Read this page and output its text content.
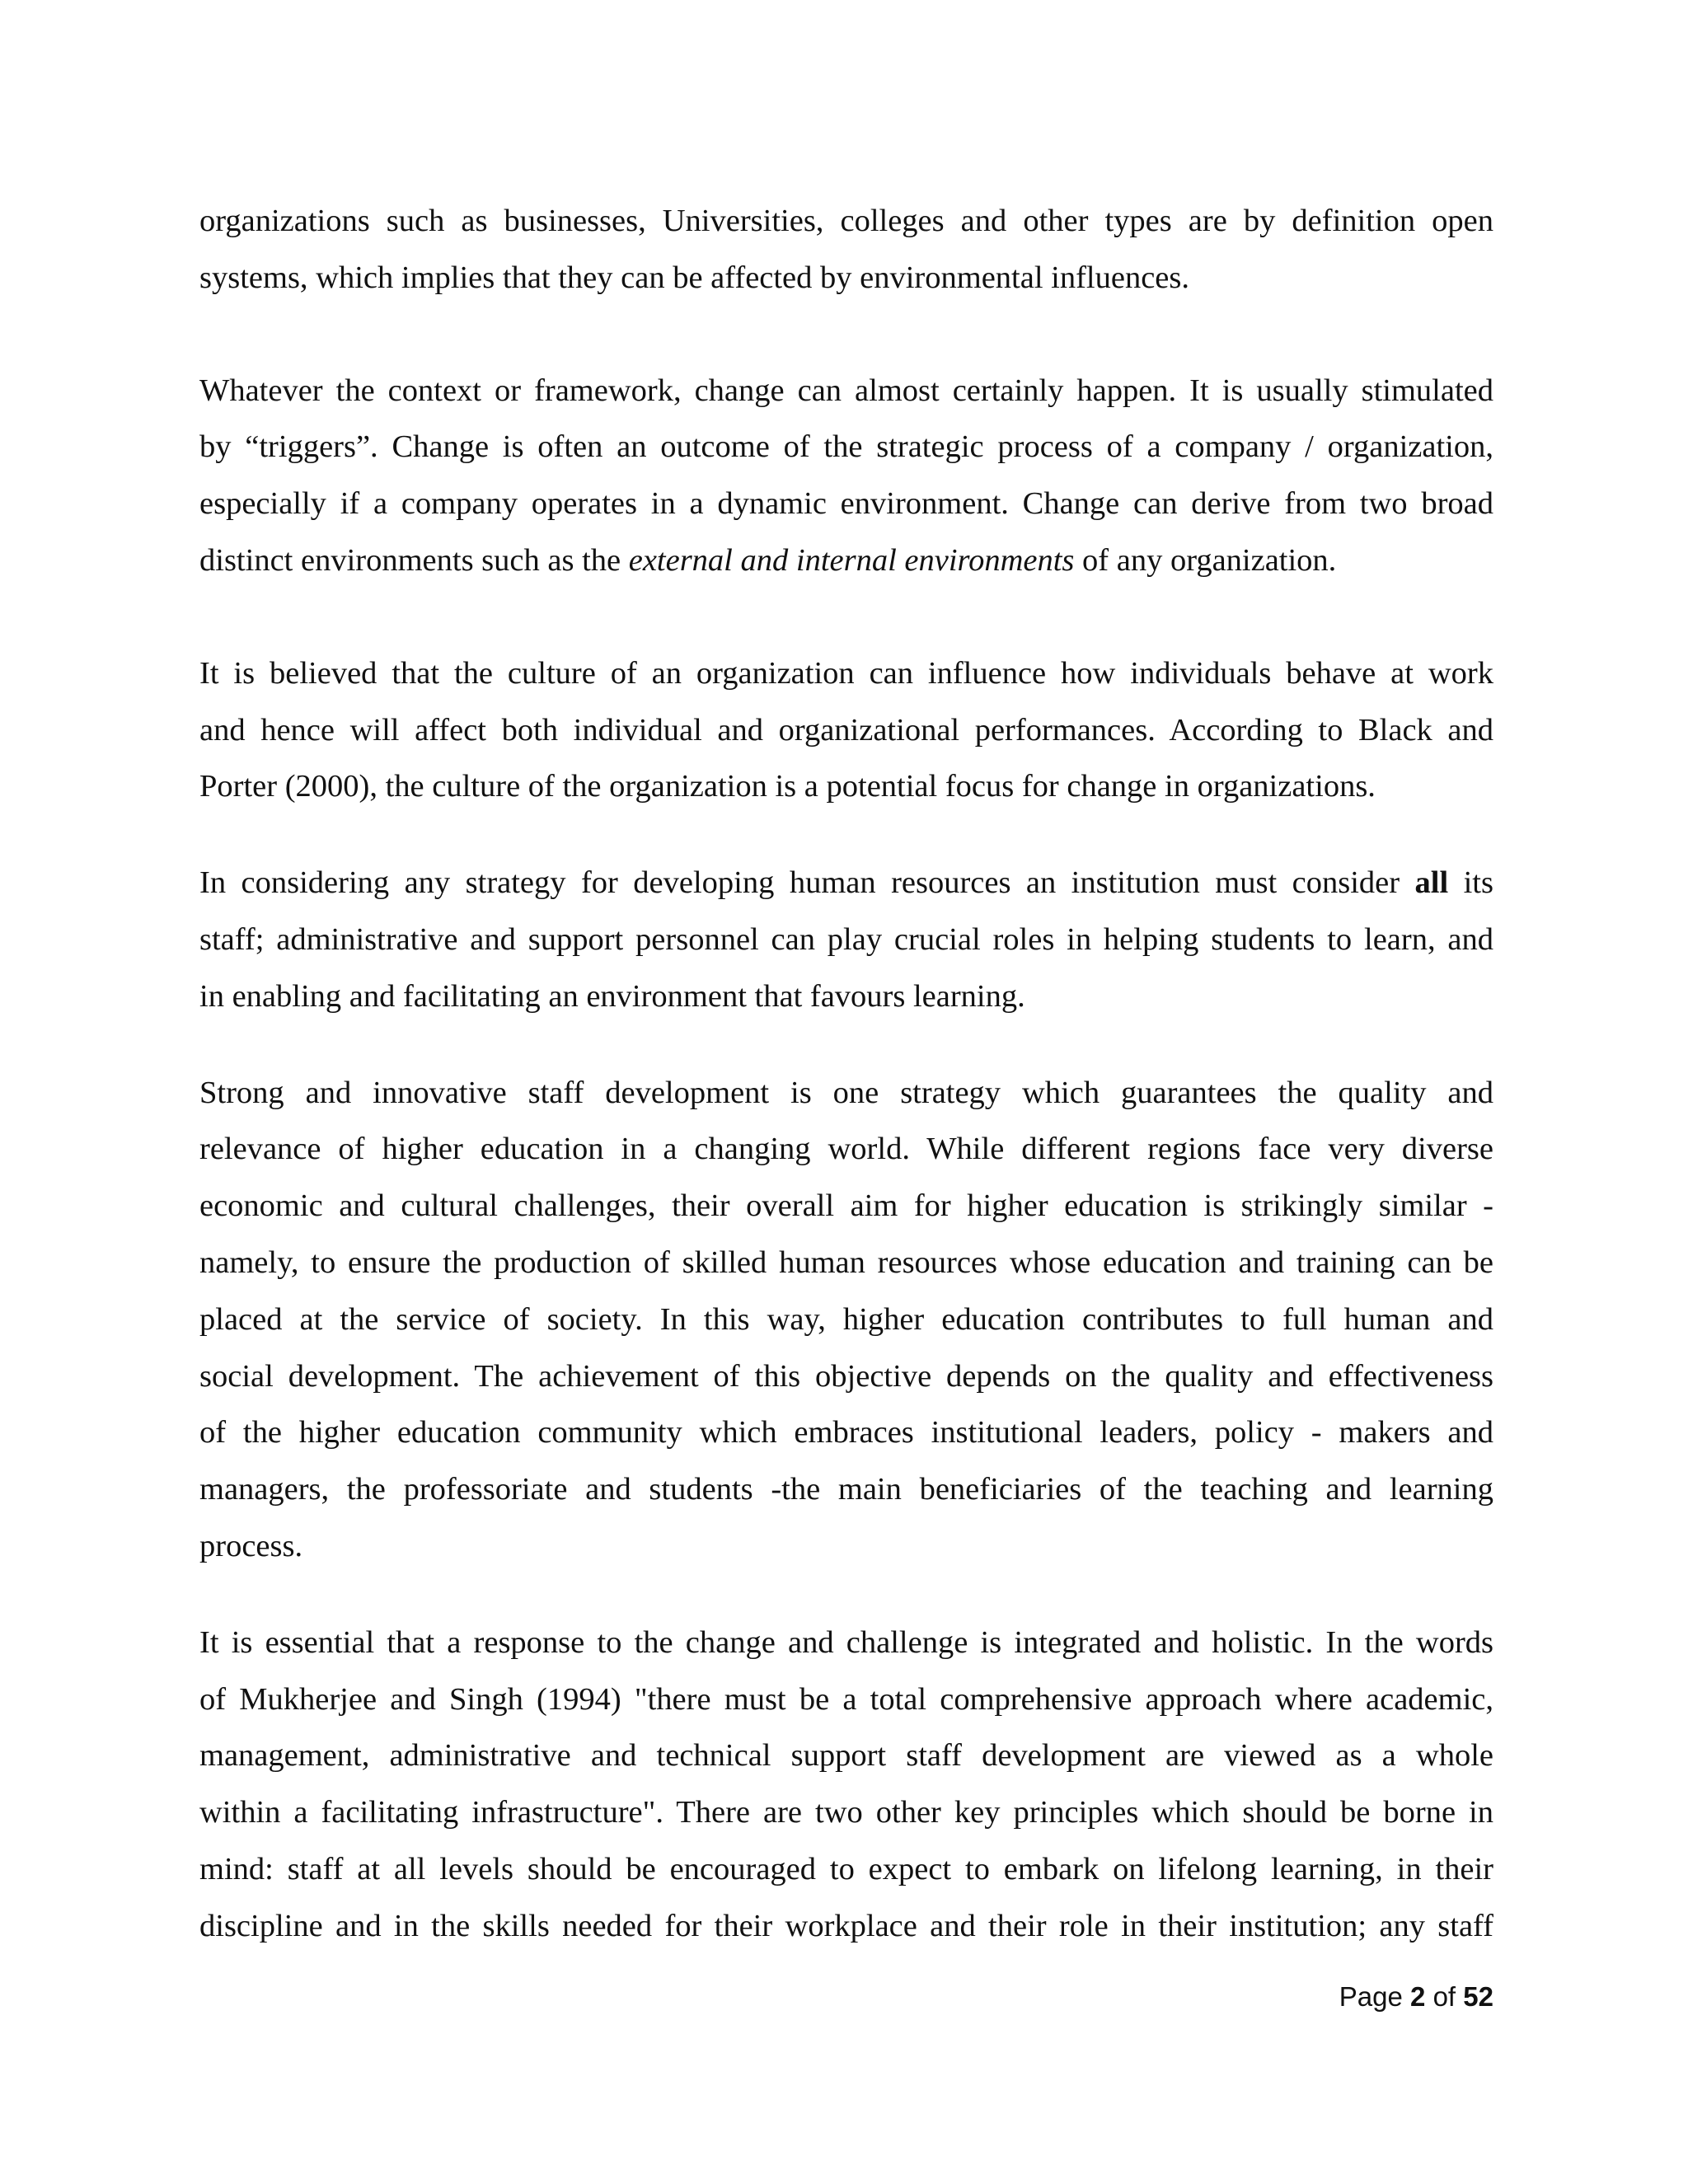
organizations such as businesses, Universities, colleges and other types are by definition open
systems, which implies that they can be affected by environmental influences.

Whatever the context or framework, change can almost certainly happen. It is usually stimulated
by “triggers”. Change is often an outcome of the strategic process of a company / organization,
especially if a company operates in a dynamic environment. Change can derive from two broad
distinct environments such as the external and internal environments of any organization.

It is believed that the culture of an organization can influence how individuals behave at work
and hence will affect both individual and organizational performances. According to Black and
Porter (2000), the culture of the organization is a potential focus for change in organizations.

In considering any strategy for developing human resources an institution must consider all its
staff; administrative and support personnel can play crucial roles in helping students to learn, and
in enabling and facilitating an environment that favours learning.

Strong and innovative staff development is one strategy which guarantees the quality and
relevance of higher education in a changing world. While different regions face very diverse
economic and cultural challenges, their overall aim for higher education is strikingly similar -
namely, to ensure the production of skilled human resources whose education and training can be
placed at the service of society. In this way, higher education contributes to full human and
social development. The achievement of this objective depends on the quality and effectiveness
of the higher education community which embraces institutional leaders, policy - makers and
managers, the professoriate and students -the main beneficiaries of the teaching and learning
process.

It is essential that a response to the change and challenge is integrated and holistic. In the words
of Mukherjee and Singh (1994) "there must be a total comprehensive approach where academic,
management, administrative and technical support staff development are viewed as a whole
within a facilitating infrastructure". There are two other key principles which should be borne in
mind: staff at all levels should be encouraged to expect to embark on lifelong learning, in their
discipline and in the skills needed for their workplace and their role in their institution; any staff

Page 2 of 52
